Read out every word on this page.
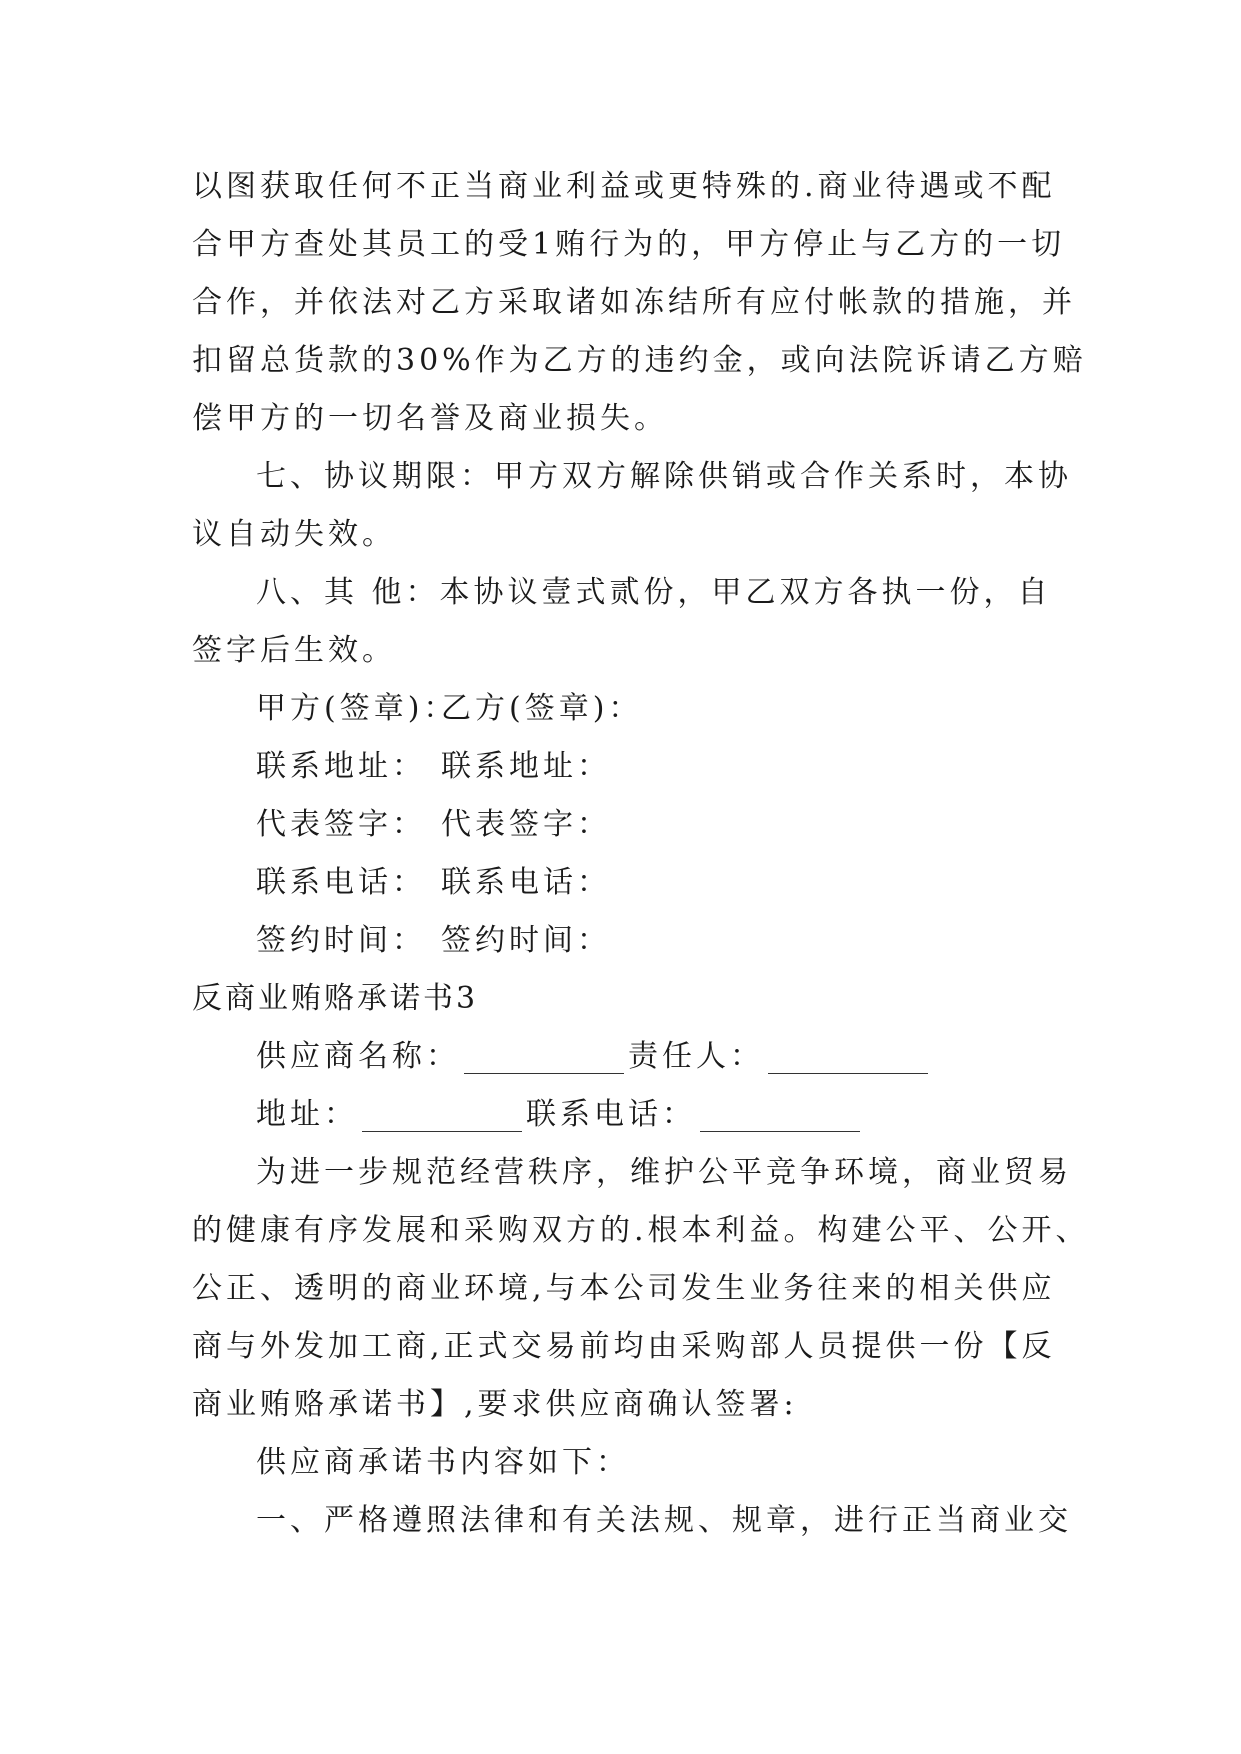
以图获取任何不正当商业利益或更特殊的.商业待遇或不配
合甲方查处其员工的受1贿行为的，甲方停止与乙方的一切
合作，并依法对乙方采取诸如冻结所有应付帐款的措施，并
扣留总货款的30%作为乙方的违约金，或向法院诉请乙方赔
偿甲方的一切名誉及商业损失。
七、协议期限：甲方双方解除供销或合作关系时，本协
议自动失效。
八、其 他：本协议壹式贰份，甲乙双方各执一份，自
签字后生效。
甲方(签章)：乙方(签章)：
联系地址： 联系地址：
代表签字： 代表签字：
联系电话： 联系电话：
签约时间： 签约时间：
反商业贿赂承诺书3
供应商名称：	责任人：
地址：	联系电话：
为进一步规范经营秩序，维护公平竞争环境，商业贸易
的健康有序发展和采购双方的.根本利益。构建公平、公开、
公正、透明的商业环境,与本公司发生业务往来的相关供应
商与外发加工商,正式交易前均由采购部人员提供一份【反
商业贿赂承诺书】,要求供应商确认签署:
供应商承诺书内容如下：
一、严格遵照法律和有关法规、规章，进行正当商业交
